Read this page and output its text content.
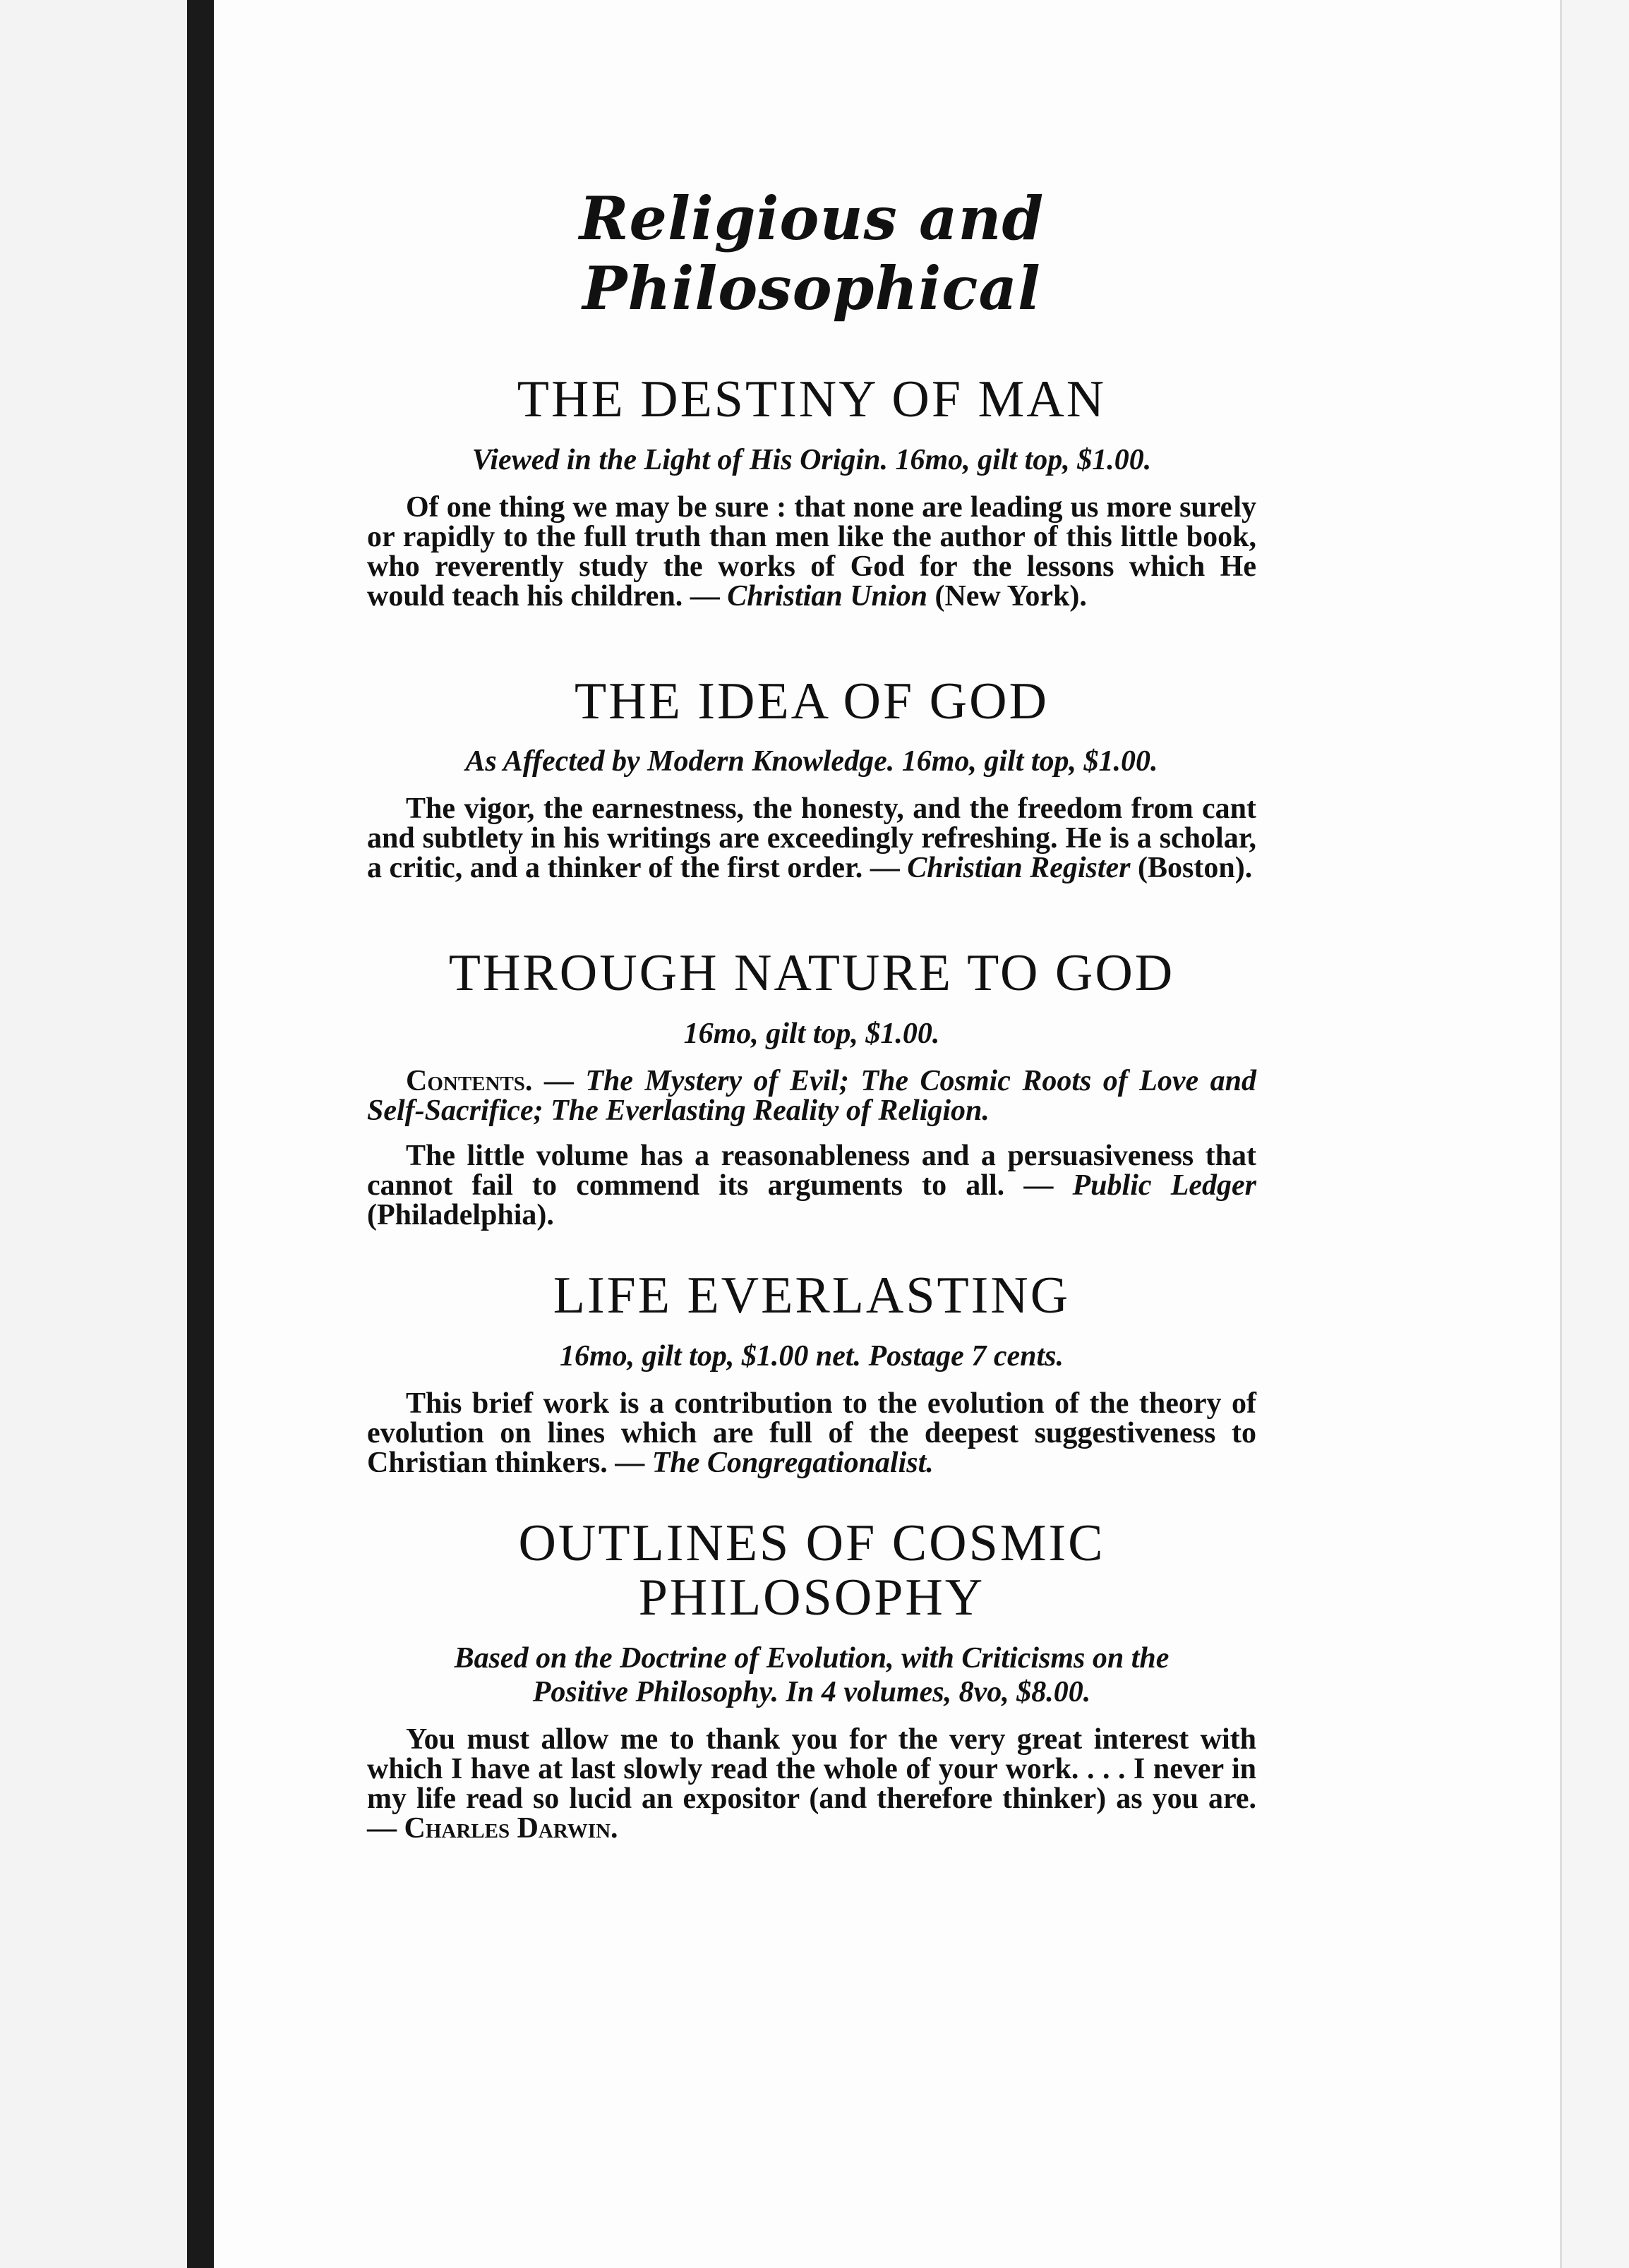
Religious and Philosophical
THE DESTINY OF MAN

Viewed in the Light of His Origin. 16mo, gilt top, $1.00.

Of one thing we may be sure : that none are leading us more surely or rapidly to the full truth than men like the author of this little book, who reverently study the works of God for the lessons which He would teach his children. — Christian Union (New York).

THE IDEA OF GOD

As Affected by Modern Knowledge. 16mo, gilt top, $1.00.

The vigor, the earnestness, the honesty, and the freedom from cant and subtlety in his writings are exceedingly refreshing. He is a scholar, a critic, and a thinker of the first order. — Christian Register (Boston).

THROUGH NATURE TO GOD

16mo, gilt top, $1.00.

Contents. — The Mystery of Evil; The Cosmic Roots of Love and Self-Sacrifice; The Everlasting Reality of Religion.

The little volume has a reasonableness and a persuasiveness that cannot fail to commend its arguments to all. — Public Ledger (Philadelphia).

LIFE EVERLASTING

16mo, gilt top, $1.00 net. Postage 7 cents.

This brief work is a contribution to the evolution of the theory of evolution on lines which are full of the deepest suggestiveness to Christian thinkers. — The Congregationalist.

OUTLINES OF COSMIC
PHILOSOPHY

Based on the Doctrine of Evolution, with Criticisms on the
Positive Philosophy. In 4 volumes, 8vo, $8.00.

You must allow me to thank you for the very great interest with which I have at last slowly read the whole of your work. . . . I never in my life read so lucid an expositor (and therefore thinker) as you are. — Charles Darwin.
